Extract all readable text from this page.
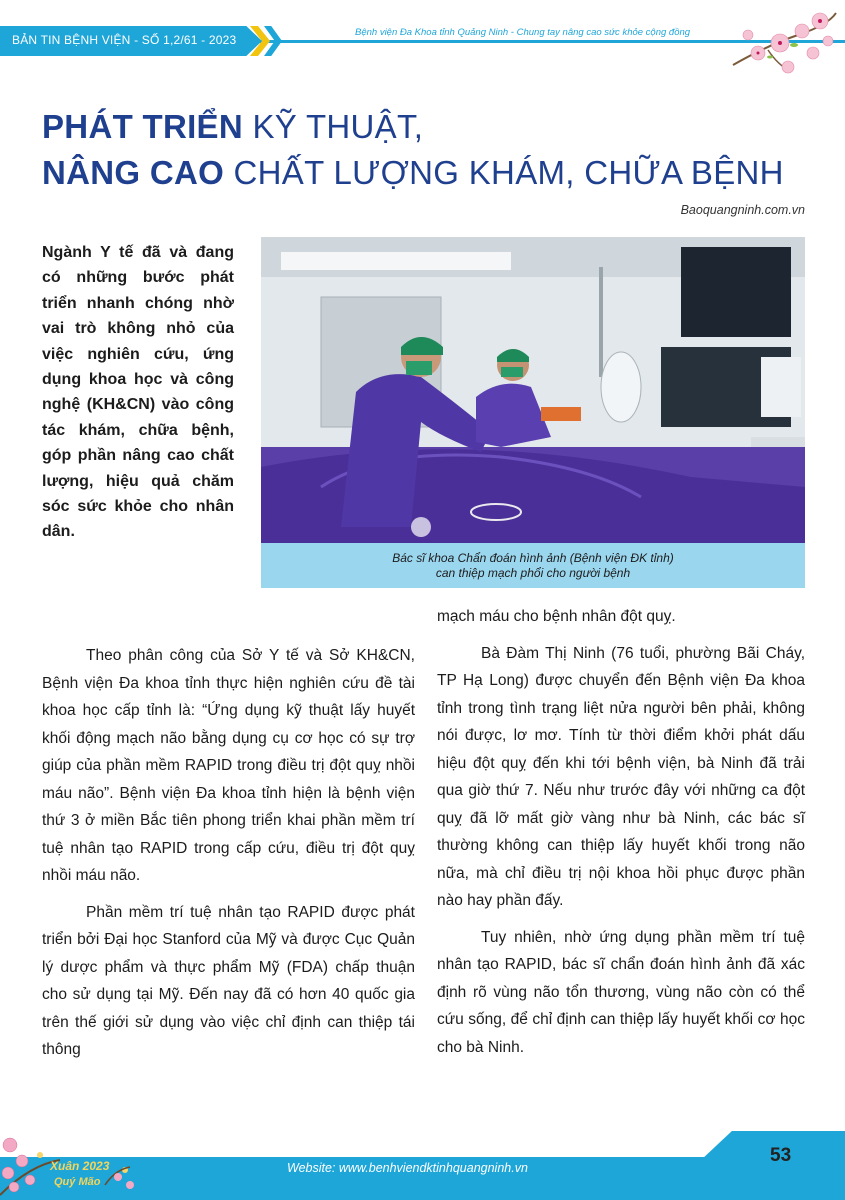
BẢN TIN BỆNH VIỆN - SỐ 1,2/61 - 2023
Bệnh viện Đa Khoa tỉnh Quảng Ninh - Chung tay nâng cao sức khỏe cộng đồng
PHÁT TRIỂN KỸ THUẬT,
NÂNG CAO CHẤT LƯỢNG KHÁM, CHỮA BỆNH
Baoquangninh.com.vn
Ngành Y tế đã và đang có những bước phát triển nhanh chóng nhờ vai trò không nhỏ của việc nghiên cứu, ứng dụng khoa học và công nghệ (KH&CN) vào công tác khám, chữa bệnh, góp phần nâng cao chất lượng, hiệu quả chăm sóc sức khỏe cho nhân dân.
Bác sĩ khoa Chẩn đoán hình ảnh (Bệnh viện ĐK tỉnh)
can thiệp mạch phổi cho người bệnh

Theo phân công của Sở Y tế và Sở KH&CN, Bệnh viện Đa khoa tỉnh thực hiện nghiên cứu đề tài khoa học cấp tỉnh là: “Ứng dụng kỹ thuật lấy huyết khối động mạch não bằng dụng cụ cơ học có sự trợ giúp của phần mềm RAPID trong điều trị đột quỵ nhồi máu não”. Bệnh viện Đa khoa tỉnh hiện là bệnh viện thứ 3 ở miền Bắc tiên phong triển khai phần mềm trí tuệ nhân tạo RAPID trong cấp cứu, điều trị đột quỵ nhồi máu não.

Phần mềm trí tuệ nhân tạo RAPID được phát triển bởi Đại học Stanford của Mỹ và được Cục Quản lý dược phẩm và thực phẩm Mỹ (FDA) chấp thuận cho sử dụng tại Mỹ. Đến nay đã có hơn 40 quốc gia trên thế giới sử dụng vào việc chỉ định can thiệp tái thông

mạch máu cho bệnh nhân đột quỵ.

Bà Đàm Thị Ninh (76 tuổi, phường Bãi Cháy, TP Hạ Long) được chuyển đến Bệnh viện Đa khoa tỉnh trong tình trạng liệt nửa người bên phải, không nói được, lơ mơ. Tính từ thời điểm khởi phát dấu hiệu đột quỵ đến khi tới bệnh viện, bà Ninh đã trải qua giờ thứ 7. Nếu như trước đây với những ca đột quỵ đã lỡ mất giờ vàng như bà Ninh, các bác sĩ thường không can thiệp lấy huyết khối trong não nữa, mà chỉ điều trị nội khoa hồi phục được phần nào hay phần đấy.

Tuy nhiên, nhờ ứng dụng phần mềm trí tuệ nhân tạo RAPID, bác sĩ chẩn đoán hình ảnh đã xác định rõ vùng não tổn thương, vùng não còn có thể cứu sống, để chỉ định can thiệp lấy huyết khối cơ học cho bà Ninh.

Website: www.benhviendktinhquangninh.vn
53
Xuân 2023
Quý Mão
